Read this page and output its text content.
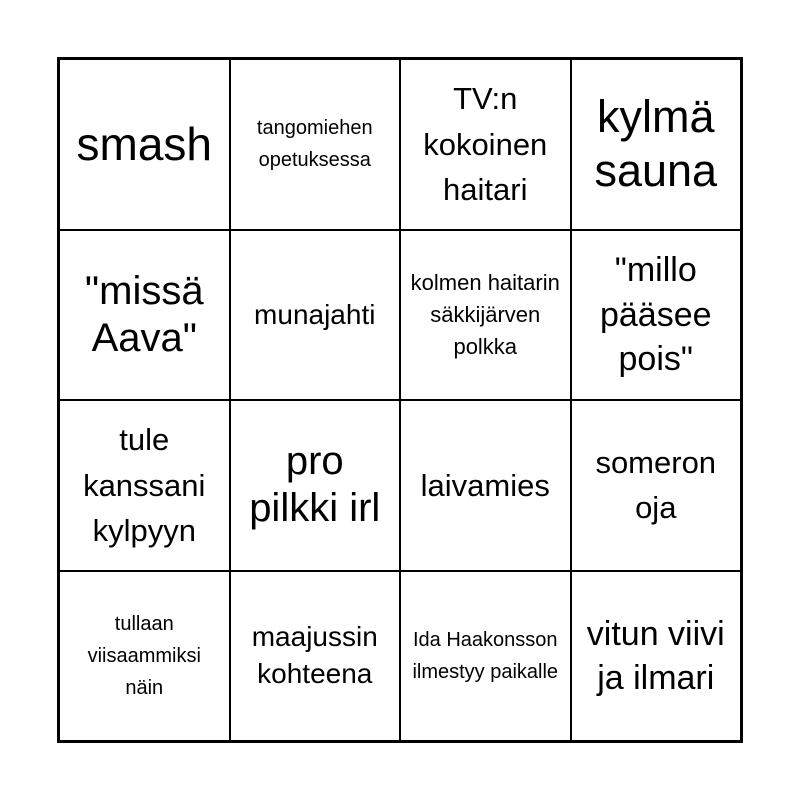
smash	tangomiehen opetuksessa
TV:n kokoinen haitari
kylmä sauna
"missä Aava"
munajahti
kolmen haitarin säkkijärven polkka
"millo pääsee pois"
tule kanssani kylpyyn
pro pilkki irl
laivamies
someron oja
tullaan viisaammiksi näin
maajussin kohteena
Ida Haakonsson ilmestyy paikalle
vitun viivi ja ilmari
